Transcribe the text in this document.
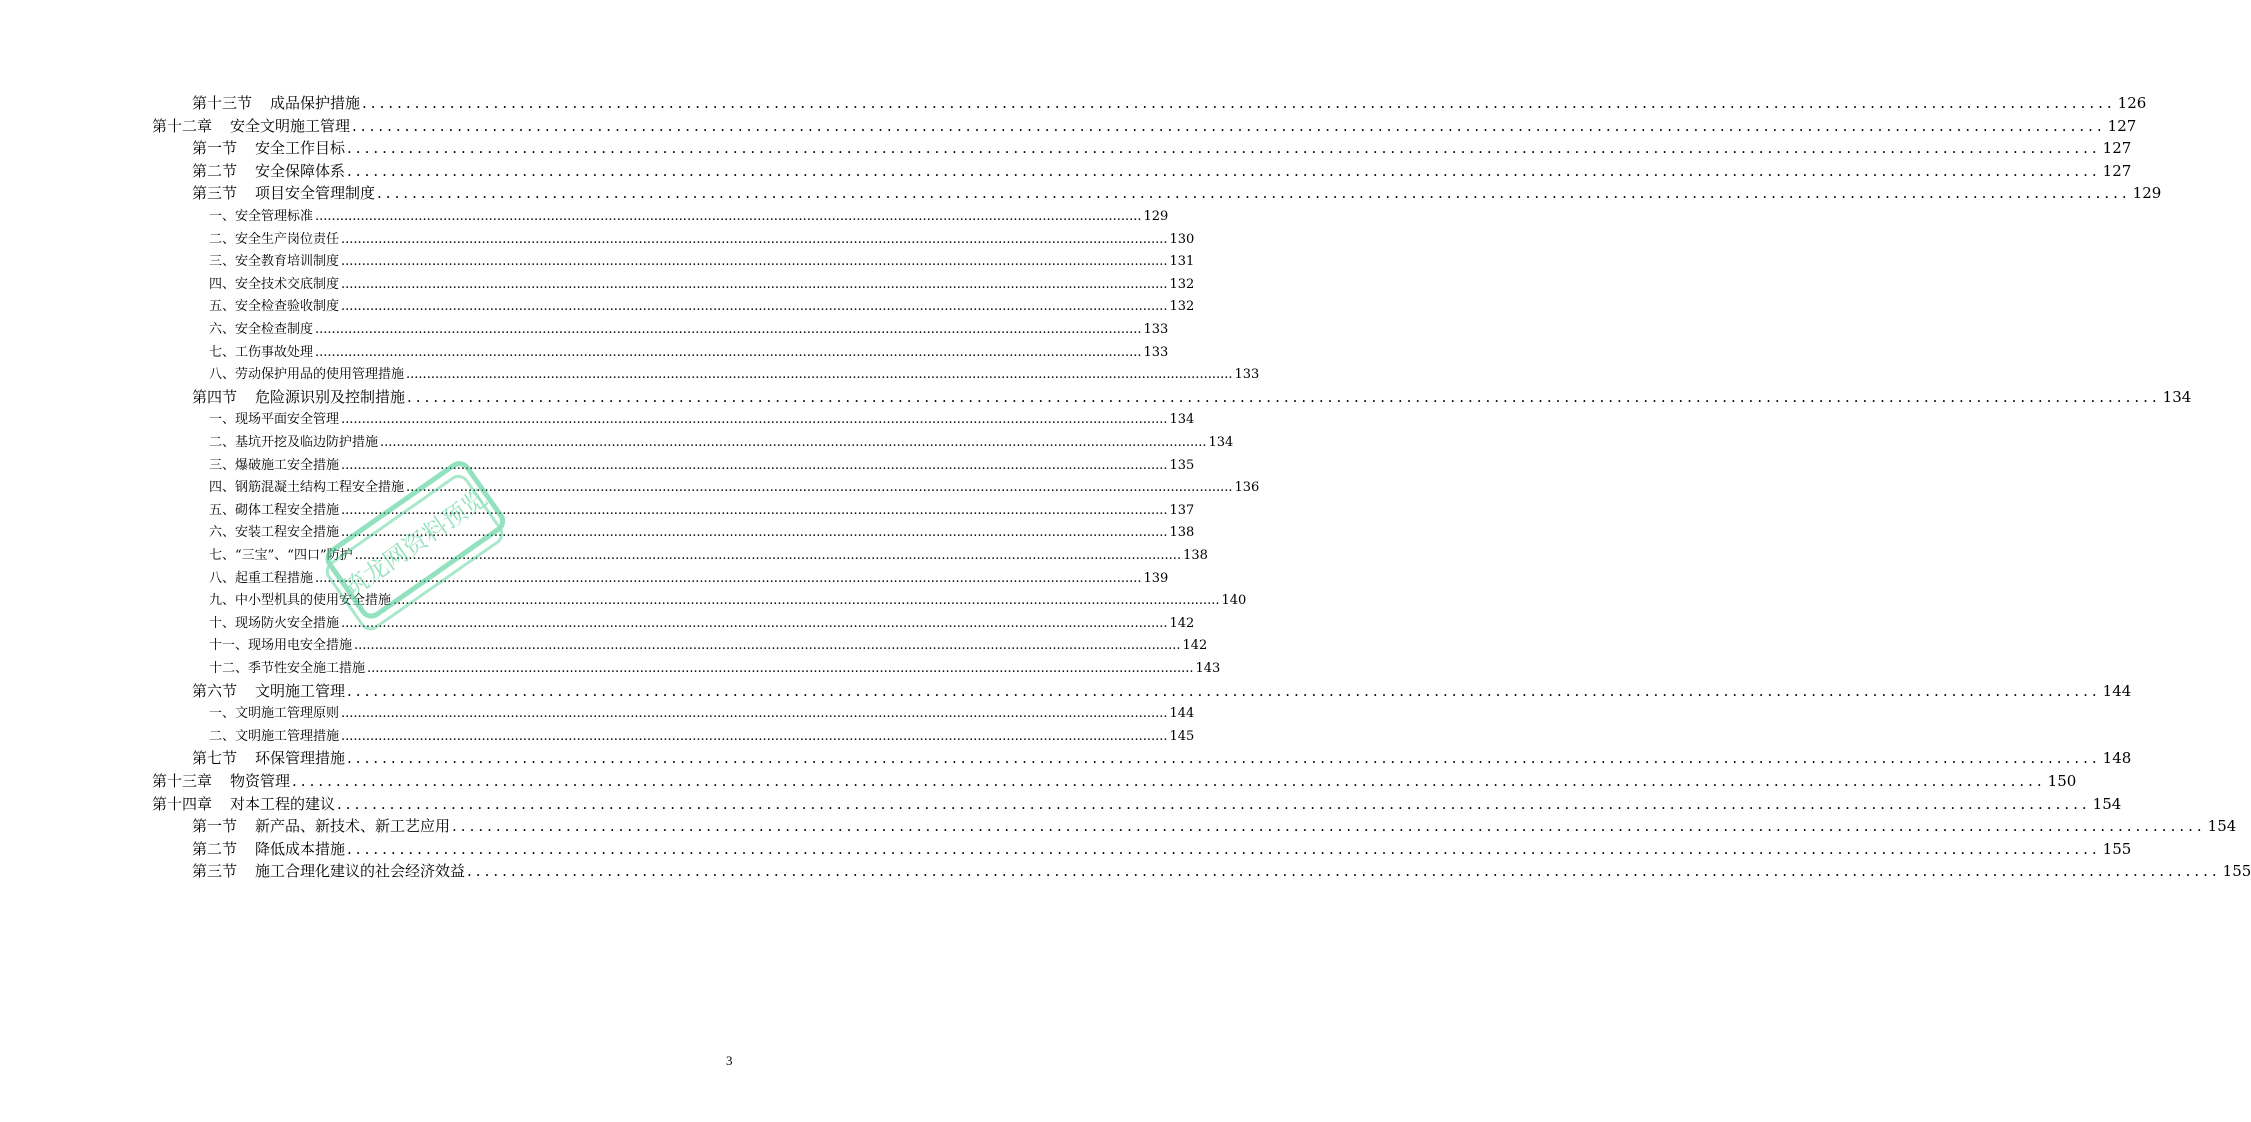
第十三节 成品保护措施 ........................................................................................................................................................................................................ 126
第十二章 安全文明施工管理 ........................................................................................................................................................................................................ 127
第一节 安全工作目标 ........................................................................................................................................................................................................ 127
第二节 安全保障体系 ........................................................................................................................................................................................................ 127
第三节 项目安全管理制度 ........................................................................................................................................................................................................ 129
一、安全管理标准 ........................................................................................................................................................................................................ 129
二、安全生产岗位责任 ........................................................................................................................................................................................................ 130
三、安全教育培训制度 ........................................................................................................................................................................................................ 131
四、安全技术交底制度 ........................................................................................................................................................................................................ 132
五、安全检查验收制度 ........................................................................................................................................................................................................ 132
六、安全检查制度 ........................................................................................................................................................................................................ 133
七、工伤事故处理 ........................................................................................................................................................................................................ 133
八、劳动保护用品的使用管理措施 ........................................................................................................................................................................................................ 133
第四节 危险源识别及控制措施 ........................................................................................................................................................................................................ 134
一、现场平面安全管理 ........................................................................................................................................................................................................ 134
二、基坑开挖及临边防护措施 ........................................................................................................................................................................................................ 134
三、爆破施工安全措施 ........................................................................................................................................................................................................ 135
四、钢筋混凝土结构工程安全措施 ........................................................................................................................................................................................................ 136
五、砌体工程安全措施 ........................................................................................................................................................................................................ 137
六、安装工程安全措施 ........................................................................................................................................................................................................ 138
七、“三宝”、“四口”防护 ........................................................................................................................................................................................................ 138
八、起重工程措施 ........................................................................................................................................................................................................ 139
九、中小型机具的使用安全措施 ........................................................................................................................................................................................................ 140
十、现场防火安全措施 ........................................................................................................................................................................................................ 142
十一、现场用电安全措施 ........................................................................................................................................................................................................ 142
十二、季节性安全施工措施 ........................................................................................................................................................................................................ 143
第六节 文明施工管理 ........................................................................................................................................................................................................ 144
一、文明施工管理原则 ........................................................................................................................................................................................................ 144
二、文明施工管理措施 ........................................................................................................................................................................................................ 145
第七节 环保管理措施 ........................................................................................................................................................................................................ 148
第十三章 物资管理 ........................................................................................................................................................................................................ 150
第十四章 对本工程的建议 ........................................................................................................................................................................................................ 154
第一节 新产品、新技术、新工艺应用 ........................................................................................................................................................................................................ 154
第二节 降低成本措施 ........................................................................................................................................................................................................ 155
第三节 施工合理化建议的社会经济效益 ........................................................................................................................................................................................................ 155
3
筑龙网资料预览
